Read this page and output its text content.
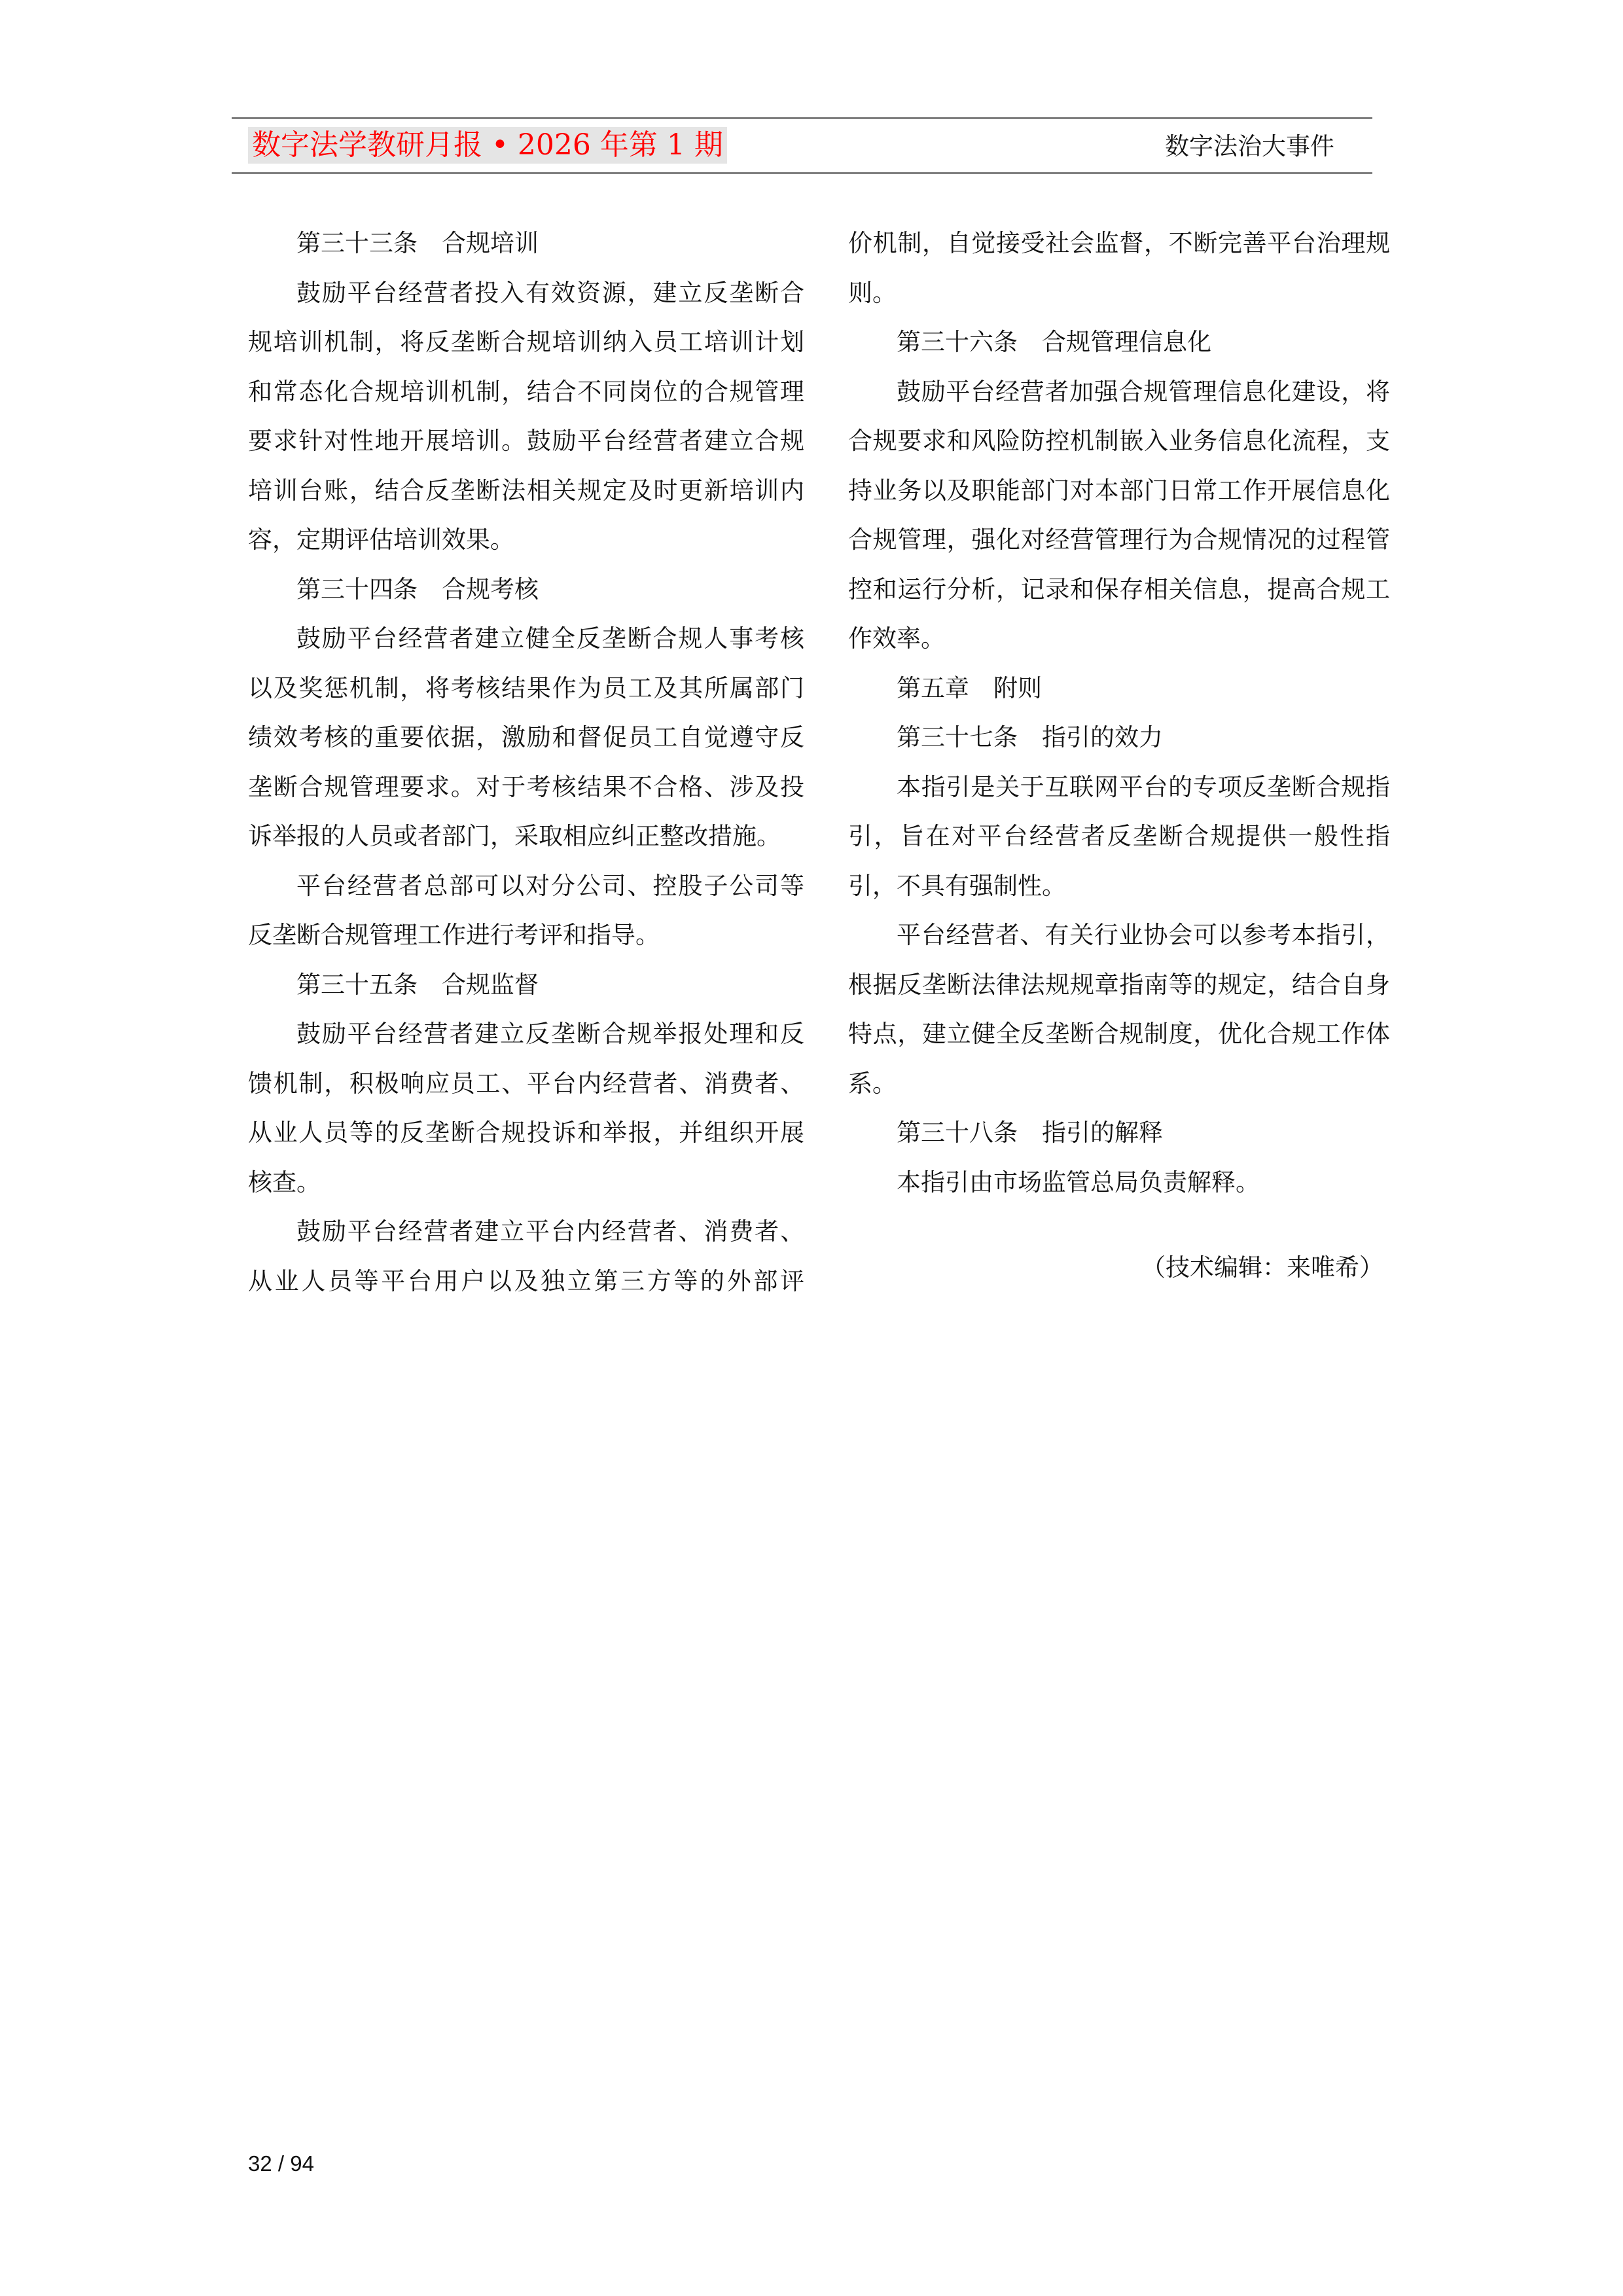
数字法学教研月报 • 2026 年第 1 期	数字法治大事件

第三十三条　合规培训

鼓励平台经营者投入有效资源，建立反垄断合规培训机制，将反垄断合规培训纳入员工培训计划和常态化合规培训机制，结合不同岗位的合规管理要求针对性地开展培训。鼓励平台经营者建立合规培训台账，结合反垄断法相关规定及时更新培训内容，定期评估培训效果。

第三十四条　合规考核

鼓励平台经营者建立健全反垄断合规人事考核以及奖惩机制，将考核结果作为员工及其所属部门绩效考核的重要依据，激励和督促员工自觉遵守反垄断合规管理要求。对于考核结果不合格、涉及投诉举报的人员或者部门，采取相应纠正整改措施。

平台经营者总部可以对分公司、控股子公司等反垄断合规管理工作进行考评和指导。

第三十五条　合规监督

鼓励平台经营者建立反垄断合规举报处理和反馈机制，积极响应员工、平台内经营者、消费者、从业人员等的反垄断合规投诉和举报，并组织开展核查。

鼓励平台经营者建立平台内经营者、消费者、从业人员等平台用户以及独立第三方等的外部评

价机制，自觉接受社会监督，不断完善平台治理规则。

第三十六条　合规管理信息化

鼓励平台经营者加强合规管理信息化建设，将合规要求和风险防控机制嵌入业务信息化流程，支持业务以及职能部门对本部门日常工作开展信息化合规管理，强化对经营管理行为合规情况的过程管控和运行分析，记录和保存相关信息，提高合规工作效率。

第五章　附则

第三十七条　指引的效力

本指引是关于互联网平台的专项反垄断合规指引，旨在对平台经营者反垄断合规提供一般性指引，不具有强制性。

平台经营者、有关行业协会可以参考本指引，根据反垄断法律法规规章指南等的规定，结合自身特点，建立健全反垄断合规制度，优化合规工作体系。

第三十八条　指引的解释

本指引由市场监管总局负责解释。

（技术编辑：来唯希）

32 / 94
